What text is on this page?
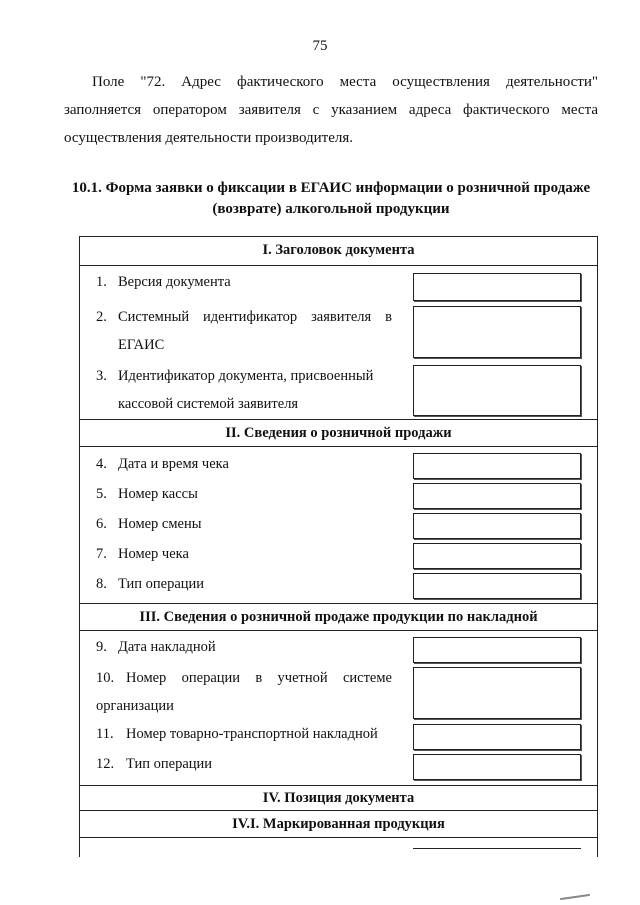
75
Поле "72. Адрес фактического места осуществления деятельности"
заполняется оператором заявителя с указанием адреса фактического места
осуществления деятельности производителя.
10.1. Форма заявки о фиксации в ЕГАИС информации о розничной продаже
(возврате) алкогольной продукции
I. Заголовок документа
1. Версия документа
2. Системный идентификатор заявителя в
ЕГАИС
3. Идентификатор документа, присвоенный
кассовой системой заявителя
II. Сведения о розничной продажи
4. Дата и время чека
5. Номер кассы
6. Номер смены
7. Номер чека
8. Тип операции
III. Сведения о розничной продаже продукции по накладной
9. Дата накладной
10. Номер операции в учетной системе
организации
11. Номер товарно-транспортной накладной
12. Тип операции
IV. Позиция документа
IV.I. Маркированная продукция
